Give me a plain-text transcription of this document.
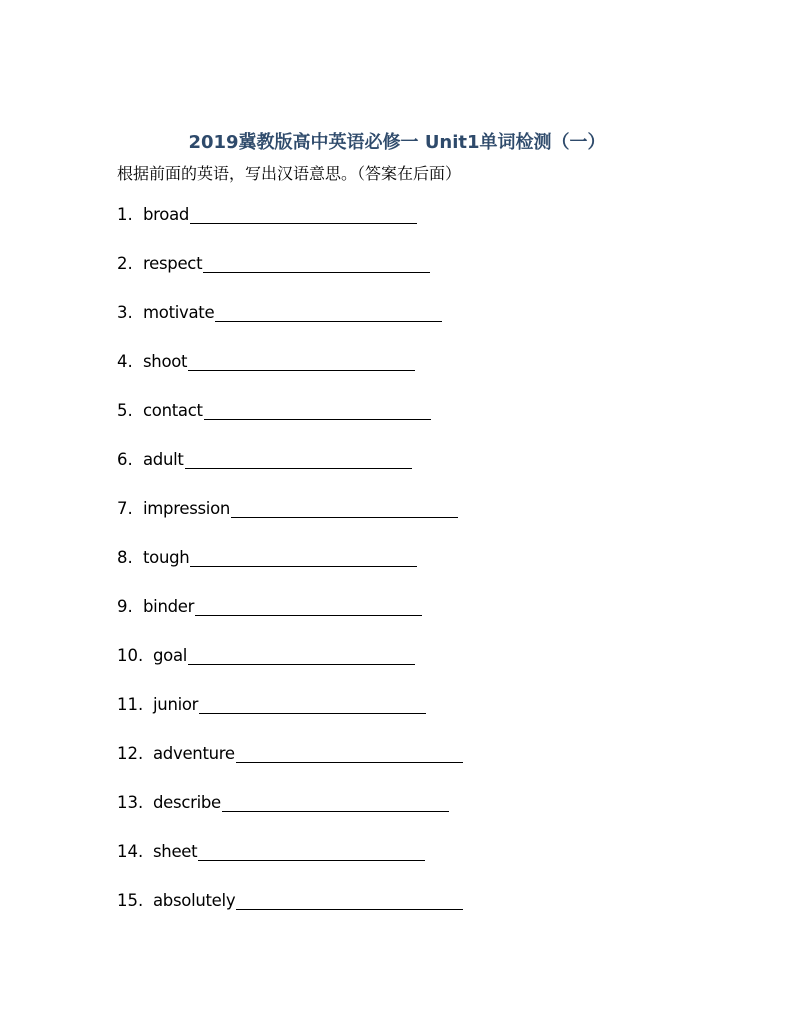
2019冀教版高中英语必修一 Unit1单词检测（一）
根据前面的英语，写出汉语意思。（答案在后面）
1. broad
2. respect
3. motivate
4. shoot
5. contact
6. adult
7. impression
8. tough
9. binder
10. goal
11. junior
12. adventure
13. describe
14. sheet
15. absolutely
